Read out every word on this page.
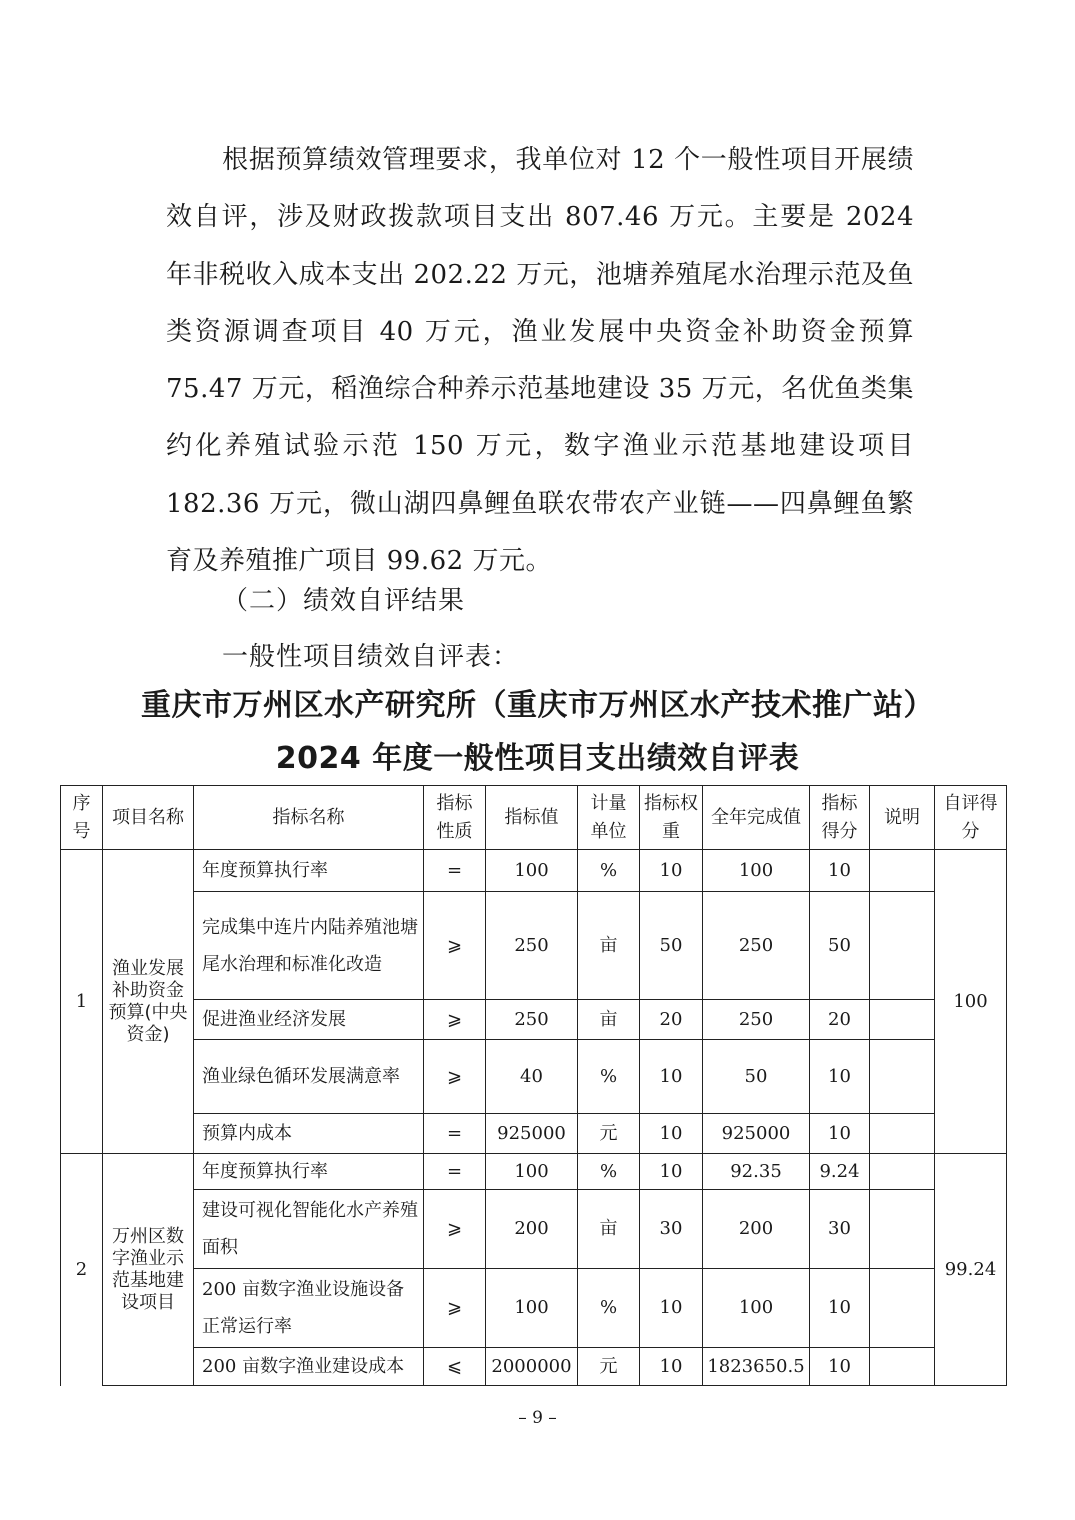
根据预算绩效管理要求，我单位对 12 个一般性项目开展绩效自评，涉及财政拨款项目支出 807.46 万元。主要是 2024 年非税收入成本支出 202.22 万元，池塘养殖尾水治理示范及鱼类资源调查项目 40 万元，渔业发展中央资金补助资金预算 75.47 万元，稻渔综合种养示范基地建设 35 万元，名优鱼类集约化养殖试验示范 150 万元，数字渔业示范基地建设项目 182.36 万元，微山湖四鼻鲤鱼联农带农产业链——四鼻鲤鱼繁育及养殖推广项目 99.62 万元。

（二）绩效自评结果
一般性项目绩效自评表：
重庆市万州区水产研究所（重庆市万州区水产技术推广站）
2024 年度一般性项目支出绩效自评表
序号	项目名称	指标名称	指标性质	指标值	计量单位	指标权重	全年完成值	指标得分	说明	自评得分
1	渔业发展补助资金预算(中央资金)	年度预算执行率	=	100	%	10	100	10		100
		完成集中连片内陆养殖池塘尾水治理和标准化改造	⩾	250	亩	50	250	50		
		促进渔业经济发展	⩾	250	亩	20	250	20		
		渔业绿色循环发展满意率	⩾	40	%	10	50	10		
		预算内成本	=	925000	元	10	925000	10		
2	万州区数字渔业示范基地建设项目	年度预算执行率	=	100	%	10	92.35	9.24		99.24
		建设可视化智能化水产养殖面积	⩾	200	亩	30	200	30		
		200 亩数字渔业设施设备正常运行率	⩾	100	%	10	100	10		
		200 亩数字渔业建设成本	⩽	2000000	元	10	1823650.5	10		
– 9 –
